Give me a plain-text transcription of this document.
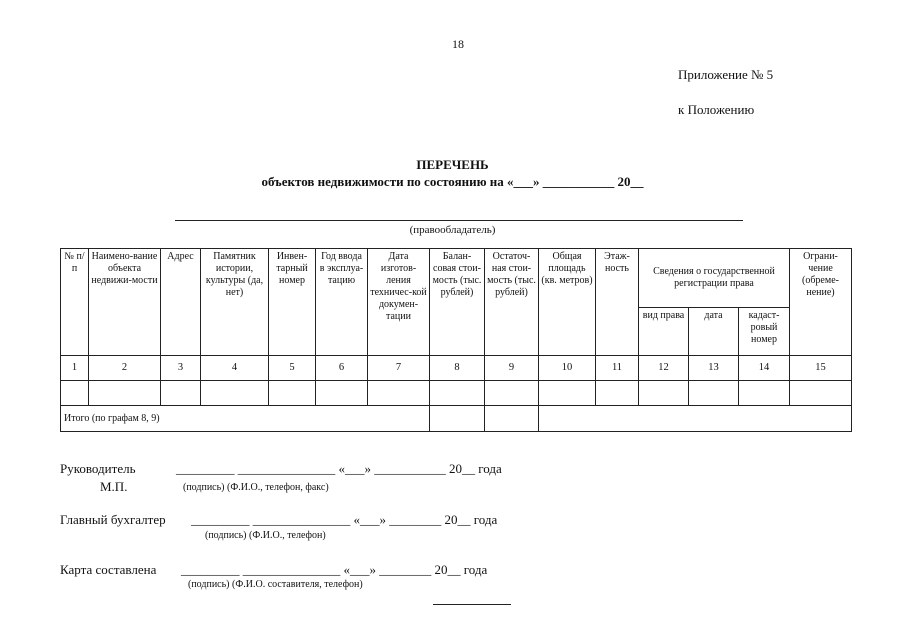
18
Приложение № 5
к Положению
ПЕРЕЧЕНЬ
объектов недвижимости по состоянию на «___» ___________ 20__
(правообладатель)
№ п/п	Наимено-вание объекта недвижи-мости	Адрес	Памятник истории, культуры (да, нет)	Инвен-тарный номер	Год ввода в эксплуа-тацию	Дата изготов-ления техничес-кой докумен-тации	Балан-совая стои-мость (тыс. рублей)	Остаточ-ная стои-мость (тыс. рублей)	Общая площадь (кв. метров)	Этаж-ность	Сведения о государственной регистрации права			Ограни-чение (обреме-нение)
											вид права	дата	кадаст-ровый номер	
1	2	3	4	5	6	7	8	9	10	11	12	13	14	15

Итого (по графам 8, 9)														
Руководитель	_________ _______________ «___» ___________ 20__ года
М.П.	(подпись) (Ф.И.О., телефон, факс)
Главный бухгалтер _________ _______________ «___» ________ 20__ года
(подпись) (Ф.И.О., телефон)
Карта составлена _________ _______________ «___» ________ 20__ года
(подпись) (Ф.И.О. составителя, телефон)
